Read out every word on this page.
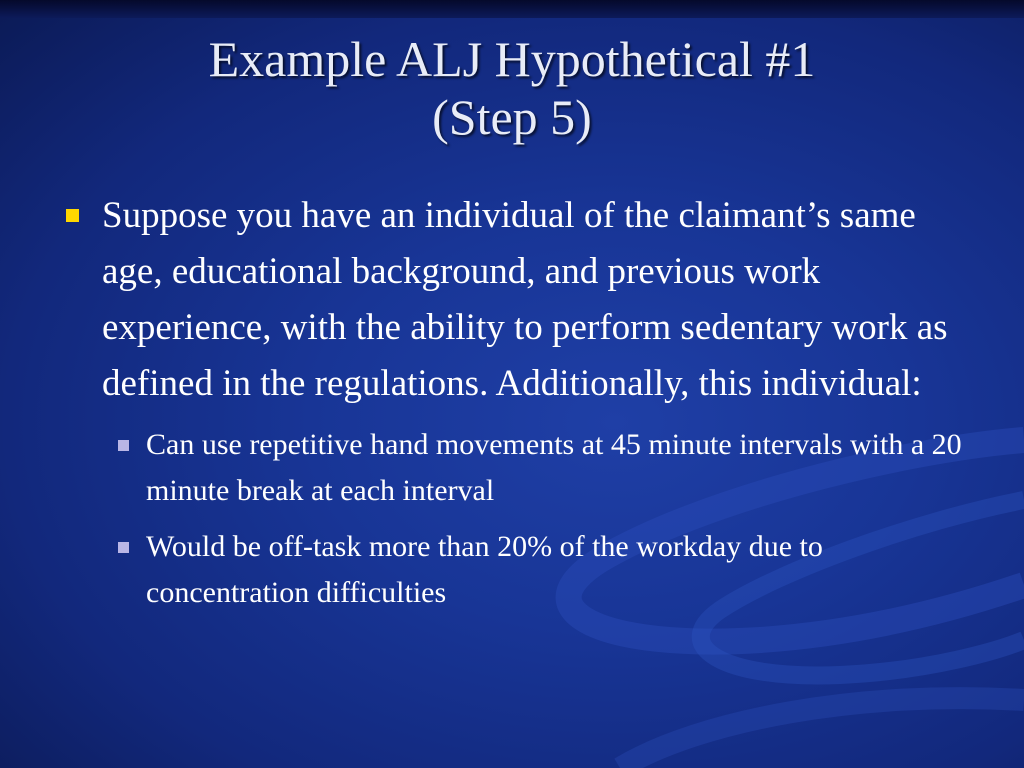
Example ALJ Hypothetical #1
(Step 5)
Suppose you have an individual of the claimant’s same age, educational background, and previous work experience, with the ability to perform sedentary work as defined in the regulations. Additionally, this individual:
Can use repetitive hand movements at 45 minute intervals with a 20 minute break at each interval
Would be off-task more than 20% of the workday due to concentration difficulties
